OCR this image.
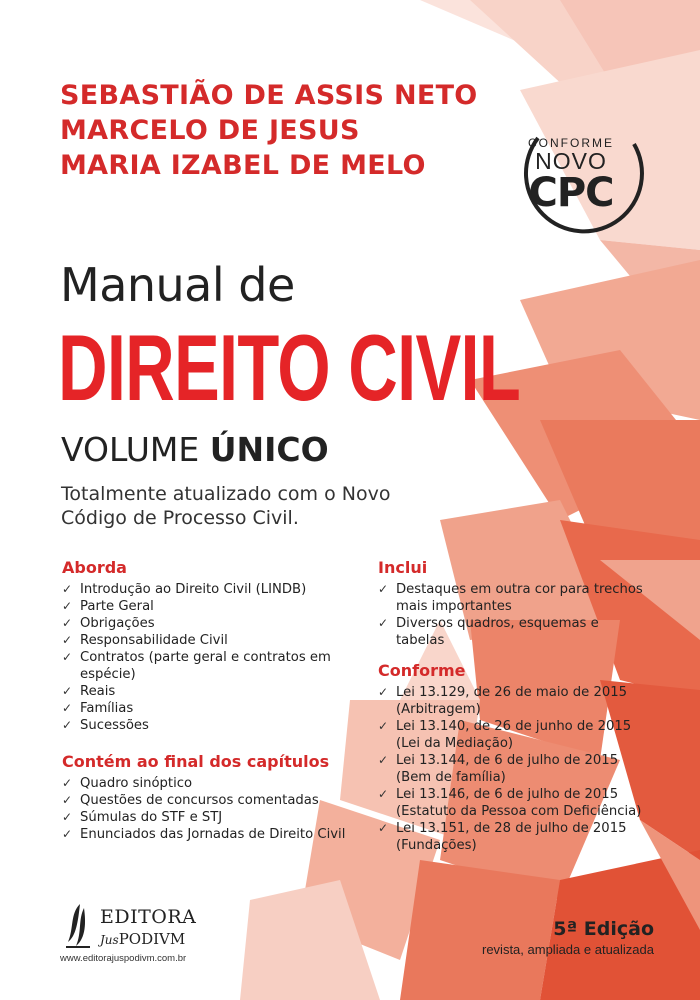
SEBASTIÃO DE ASSIS NETO
MARCELO DE JESUS
MARIA IZABEL DE MELO
CONFORME
NOVO
CPC
Manual de
DIREITO CIVIL
VOLUME ÚNICO
Totalmente atualizado com o Novo Código de Processo Civil.
Aborda
✓ Introdução ao Direito Civil (LINDB)
✓ Parte Geral
✓ Obrigações
✓ Responsabilidade Civil
✓ Contratos (parte geral e contratos em espécie)
✓ Reais
✓ Famílias
✓ Sucessões
Contém ao final dos capítulos
✓ Quadro sinóptico
✓ Questões de concursos comentadas
✓ Súmulas do STF e STJ
✓ Enunciados das Jornadas de Direito Civil
Inclui
✓ Destaques em outra cor para trechos mais importantes
✓ Diversos quadros, esquemas e tabelas
Conforme
✓ Lei 13.129, de 26 de maio de 2015 (Arbitragem)
✓ Lei 13.140, de 26 de junho de 2015 (Lei da Mediação)
✓ Lei 13.144, de 6 de julho de 2015 (Bem de família)
✓ Lei 13.146, de 6 de julho de 2015 (Estatuto da Pessoa com Deficiência)
✓ Lei 13.151, de 28 de julho de 2015 (Fundações)
EDITORA
JusPODIVM
www.editorajuspodivm.com.br
5ª Edição
revista, ampliada e atualizada
